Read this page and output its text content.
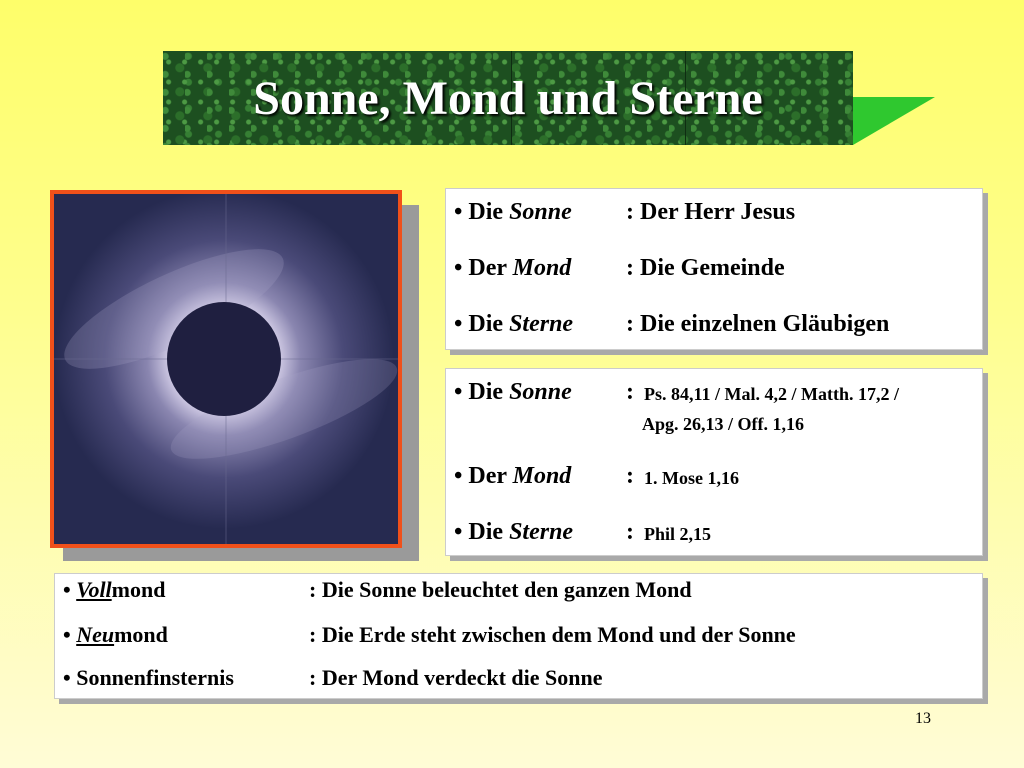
Sonne, Mond und Sterne
• Die Sonne : Der Herr Jesus
• Der Mond : Die Gemeinde
• Die Sterne : Die einzelnen Gläubigen
• Die Sonne : Ps. 84,11 / Mal. 4,2 / Matth. 17,2 /
Apg. 26,13 / Off. 1,16
• Der Mond : 1. Mose 1,16
• Die Sterne : Phil 2,15
• Vollmond	: Die Sonne beleuchtet den ganzen Mond
• Neumond	: Die Erde steht zwischen dem Mond und der Sonne
• Sonnenfinsternis	: Der Mond verdeckt die Sonne
13
